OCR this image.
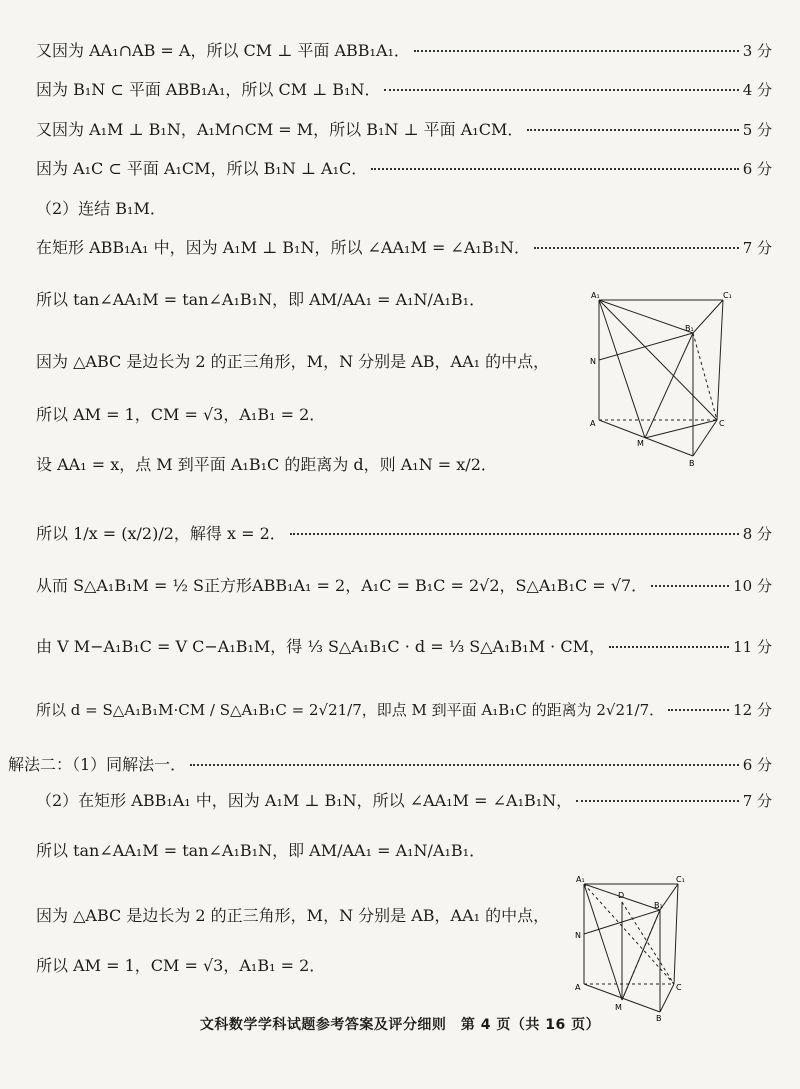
又因为 AA₁∩AB = A，所以 CM ⊥ 平面 ABB₁A₁．	3 分
因为 B₁N ⊂ 平面 ABB₁A₁，所以 CM ⊥ B₁N．	4 分
又因为 A₁M ⊥ B₁N，A₁M∩CM = M，所以 B₁N ⊥ 平面 A₁CM．	5 分
因为 A₁C ⊂ 平面 A₁CM，所以 B₁N ⊥ A₁C．	6 分
（2）连结 B₁M．
在矩形 ABB₁A₁ 中，因为 A₁M ⊥ B₁N，所以 ∠AA₁M = ∠A₁B₁N．	7 分
所以 tan∠AA₁M = tan∠A₁B₁N，即 AM/AA₁ = A₁N/A₁B₁．
因为 △ABC 是边长为 2 的正三角形，M，N 分别是 AB，AA₁ 的中点，
所以 AM = 1，CM = √3，A₁B₁ = 2．
设 AA₁ = x，点 M 到平面 A₁B₁C 的距离为 d，则 A₁N = x/2．
所以 1/x = (x/2)/2，解得 x = 2．	8 分
从而 S△A₁B₁M = ½ S正方形ABB₁A₁ = 2，A₁C = B₁C = 2√2，S△A₁B₁C = √7．	10 分
由 V M−A₁B₁C = V C−A₁B₁M，得 ⅓ S△A₁B₁C · d = ⅓ S△A₁B₁M · CM，	11 分
所以 d = S△A₁B₁M·CM / S△A₁B₁C = 2√21/7，即点 M 到平面 A₁B₁C 的距离为 2√21/7．	12 分
解法二：（1）同解法一．	6 分
（2）在矩形 ABB₁A₁ 中，因为 A₁M ⊥ B₁N，所以 ∠AA₁M = ∠A₁B₁N，	7 分
所以 tan∠AA₁M = tan∠A₁B₁N，即 AM/AA₁ = A₁N/A₁B₁．
因为 △ABC 是边长为 2 的正三角形，M，N 分别是 AB，AA₁ 的中点，
所以 AM = 1，CM = √3，A₁B₁ = 2．
A₁	C₁
B₁
N
A	C
M
B
A₁	C₁
D
B₁
N
A	C
M
B
文科数学学科试题参考答案及评分细则　第 4 页（共 16 页）
